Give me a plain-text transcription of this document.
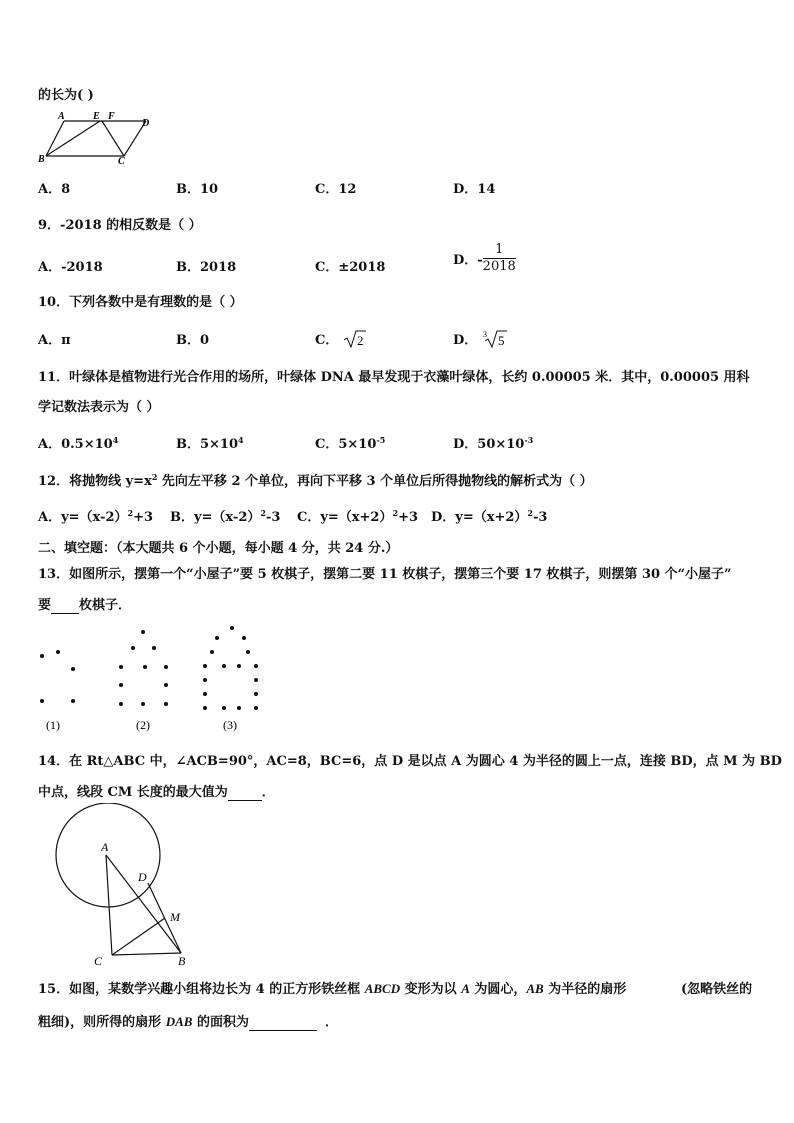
的长为( )
A	E F
D
B	C
A．8	B．10	C．12	D．14
9．-2018 的相反数是（ ）
A．-2018	B．2018	C．±2018	D．- $\frac{1}{2018}$
10．下列各数中是有理数的是（ ）
A．π	B．0	C． 2	D． 3 5
11．叶绿体是植物进行光合作用的场所，叶绿体 DNA 最早发现于衣藻叶绿体，长约 0.00005 米．其中，0.00005 用科
学记数法表示为（ ）
A．$0.5\times 10^4$	B．$5\times 10^4$	C．$5\times 10^{-5}$	D．$50\times 10^{-3}$
12．将抛物线 $y=x^2$ 先向左平移 2 个单位，再向下平移 3 个单位后所得抛物线的解析式为（ ）
A．$y=(x-2)^2+3$ B．$y=(x-2)^2-3$ C．$y=(x+2)^2+3$ D．$y=(x+2)^2-3$
二、填空题：（本大题共 6 个小题，每小题 4 分，共 24 分.）
13．如图所示，摆第一个“小屋子”要 5 枚棋子，摆第二要 11 枚棋子，摆第三个要 17 枚棋子，则摆第 30 个“小屋子”
要 枚棋子．
(1)	(2)	(3)
14．在 Rt△ABC 中，∠ACB=90°，AC=8，BC=6，点 D 是以点 A 为圆心 4 为半径的圆上一点，连接 BD，点 M 为 BD
中点，线段 CM 长度的最大值为	．
A
D
M
C	B
15．如图，某数学兴趣小组将边长为 4 的正方形铁丝框 ABCD 变形为以 A 为圆心，AB 为半径的扇形	(忽略铁丝的
粗细)，则所得的扇形 DAB 的面积为	．
